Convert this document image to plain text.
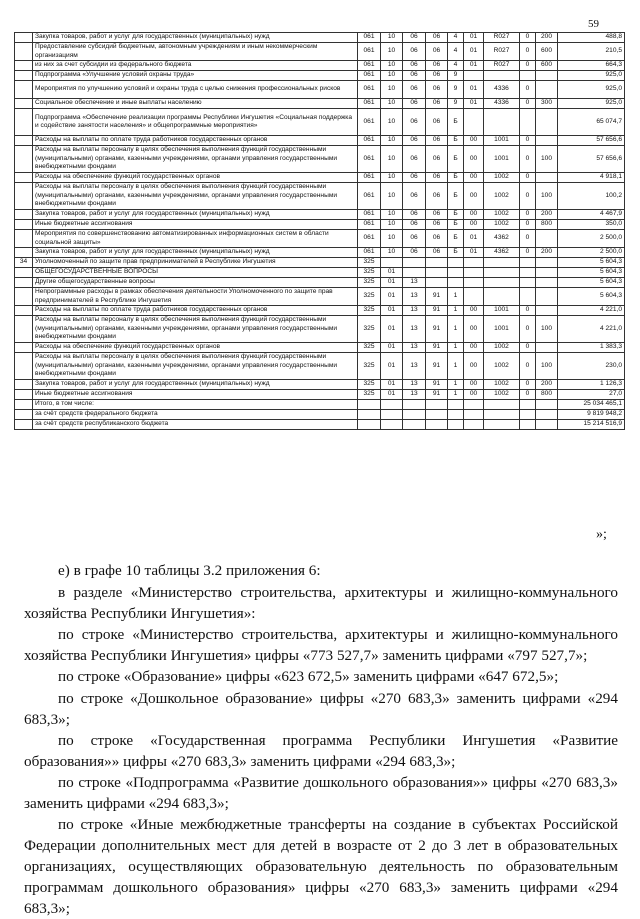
59
	Закупка товаров, работ и услуг для государственных (муниципальных) нужд	061	10	06	06	4	01	R027	0	200	488,8
	Предоставление субсидий бюджетным, автономным учреждениям и иным некоммерческим организациям	061	10	06	06	4	01	R027	0	600	210,5
	из них за счет субсидии из федерального бюджета	061	10	06	06	4	01	R027	0	600	664,3
	Подпрограмма «Улучшение условий охраны труда»	061	10	06	06	9					925,0
	Мероприятия по улучшению условий и охраны труда с целью снижения профессиональных рисков	061	10	06	06	9	01	4336	0		925,0
	Социальное обеспечение и иные выплаты населению	061	10	06	06	9	01	4336	0	300	925,0
	Подпрограмма «Обеспечение реализации программы Республики Ингушетия «Социальная поддержка и содействие занятости населения» и общепрограммные мероприятия»	061	10	06	06	Б					65 074,7
	Расходы на выплаты по оплате труда работников государственных органов	061	10	06	06	Б	00	1001	0		57 656,6
	Расходы на выплаты персоналу в целях обеспечения выполнения функций государственными (муниципальными) органами, казенными учреждениями, органами управления государственными внебюджетными фондами	061	10	06	06	Б	00	1001	0	100	57 656,6
	Расходы на обеспечение функций государственных органов	061	10	06	06	Б	00	1002	0		4 918,1
	Расходы на выплаты персоналу в целях обеспечения выполнения функций государственными (муниципальными) органами, казенными учреждениями, органами управления государственными внебюджетными фондами	061	10	06	06	Б	00	1002	0	100	100,2
	Закупка товаров, работ и услуг для государственных (муниципальных) нужд	061	10	06	06	Б	00	1002	0	200	4 467,9
	Иные бюджетные ассигнования	061	10	06	06	Б	00	1002	0	800	350,0
	Мероприятия по совершенствованию автоматизированных информационных систем в области социальной защиты»	061	10	06	06	Б	01	4362	0		2 500,0
	Закупка товаров, работ и услуг для государственных (муниципальных) нужд	061	10	06	06	Б	01	4362	0	200	2 500,0
34	Уполномоченный по защите прав предпринимателей в Республике Ингушетия	325									5 604,3
	ОБЩЕГОСУДАРСТВЕННЫЕ ВОПРОСЫ	325	01								5 604,3
	Другие общегосударственные вопросы	325	01	13							5 604,3
	Непрограммные расходы в рамках обеспечения деятельности Уполномоченного по защите прав предпринимателей в Республике Ингушетия	325	01	13	91	1					5 604,3
	Расходы на выплаты по оплате труда работников государственных органов	325	01	13	91	1	00	1001	0		4 221,0
	Расходы на выплаты персоналу в целях обеспечения выполнения функций государственными (муниципальными) органами, казенными учреждениями, органами управления государственными внебюджетными фондами	325	01	13	91	1	00	1001	0	100	4 221,0
	Расходы на обеспечение функций государственных органов	325	01	13	91	1	00	1002	0		1 383,3
	Расходы на выплаты персоналу в целях обеспечения выполнения функций государственными (муниципальными) органами, казенными учреждениями, органами управления государственными внебюджетными фондами	325	01	13	91	1	00	1002	0	100	230,0
	Закупка товаров, работ и услуг для государственных (муниципальных) нужд	325	01	13	91	1	00	1002	0	200	1 126,3
	Иные бюджетные ассигнования	325	01	13	91	1	00	1002	0	800	27,0
	Итого, в том числе:										25 034 465,1
	за счёт средств федерального бюджета										9 819 948,2
	за счёт средств республиканского бюджета										15 214 516,9
»;

е) в графе 10 таблицы 3.2 приложения 6:

в разделе «Министерство строительства, архитектуры и жилищно-коммунального хозяйства Республики Ингушетия»:

по строке «Министерство строительства, архитектуры и жилищно-коммунального хозяйства Республики Ингушетия» цифры «773 527,7» заменить цифрами «797 527,7»;

по строке «Образование» цифры «623 672,5» заменить цифрами «647 672,5»;

по строке «Дошкольное образование» цифры «270 683,3» заменить цифрами «294 683,3»;

по строке «Государственная программа Республики Ингушетия «Развитие образования»» цифры «270 683,3» заменить цифрами «294 683,3»;

по строке «Подпрограмма «Развитие дошкольного образования»» цифры «270 683,3» заменить цифрами «294 683,3»;

по строке «Иные межбюджетные трансферты на создание в субъектах Российской Федерации дополнительных мест для детей в возрасте от 2 до 3 лет в образовательных организациях, осуществляющих образовательную деятельность по образовательным программам дошкольного образования» цифры «270 683,3» заменить цифрами «294 683,3»;
